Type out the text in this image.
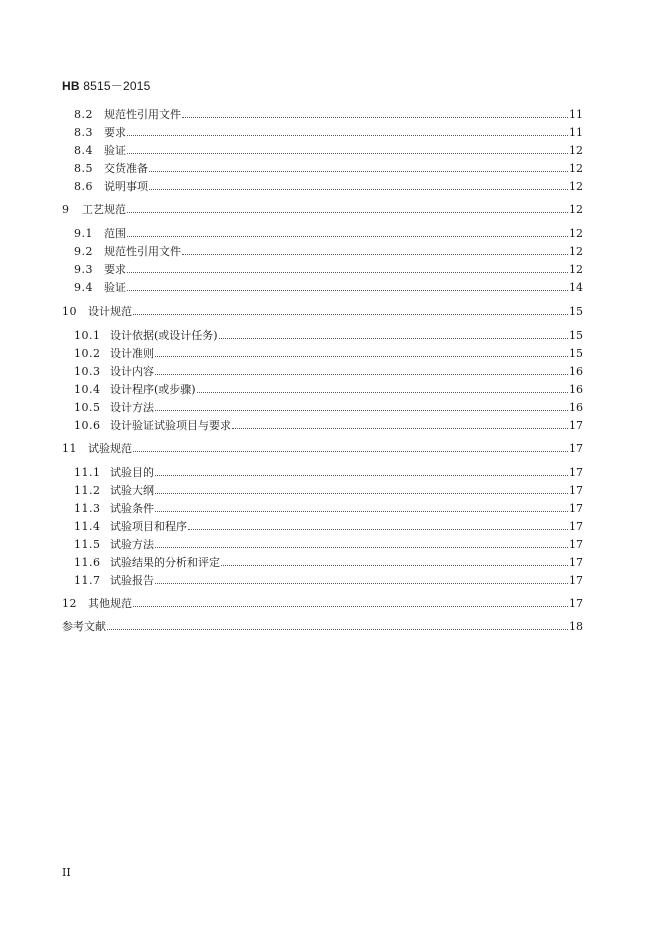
HB 8515－2015
8.2	规范性引用文件	11
8.3	要求	11
8.4	验证	12
8.5	交货准备	12
8.6	说明事项	12
9	工艺规范	12
9.1	范围	12
9.2	规范性引用文件	12
9.3	要求	12
9.4	验证	14
10	设计规范	15
10.1 设计依据(或设计任务)	15
10.2 设计准则	15
10.3 设计内容	16
10.4 设计程序(或步骤)	16
10.5 设计方法	16
10.6 设计验证试验项目与要求	17
11	试验规范	17
11.1 试验目的	17
11.2 试验大纲	17
11.3 试验条件	17
11.4 试验项目和程序	17
11.5 试验方法	17
11.6 试验结果的分析和评定	17
11.7 试验报告	17
12	其他规范	17
参考文献	18
II
